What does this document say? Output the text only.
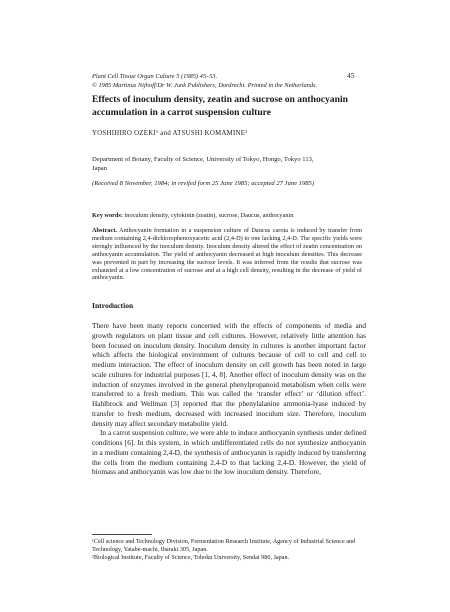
Plant Cell Tissue Organ Culture 5 (1985) 45–53.
© 1985 Martinus Nijhoff/Dr W. Junk Publishers, Dordrecht. Printed in the Netherlands.
45
Effects of inoculum density, zeatin and sucrose on anthocyanin accumulation in a carrot suspension culture
YOSHIHIRO OZEKI¹ and ATSUSHI KOMAMINE²
Department of Botany, Faculty of Science, University of Tokyo, Hongo, Tokyo 113,
Japan
(Received 8 November, 1984; in revifed form 25 June 1985; accepted 27 June 1985)
Key words: inoculum density, cytokinin (zeatin), sucrose, Daucus, anthocyanin
Abstract. Anthocyanin formation in a suspension culture of Daucus carota is induced by transfer from medium containing 2,4-dichlorophenoxyacetic acid (2,4-D) to one lacking 2,4-D. The specific yields were strongly influenced by the inoculum density. Inoculum density altered the effect of zeatin concentration on anthocyanin accumulation. The yield of anthocyanin decreased at high inoculum densities. This decrease was prevented in part by increasing the sucrose levels. It was inferred from the results that sucrose was exhausted at a low concentration of sucrose and at a high cell density, resulting in the decrease of yield of anthocyanin.
Introduction

There have been many reports concerned with the effects of components of media and growth regulators on plant tissue and cell cultures. However, relatively little attention has been focused on inoculum density. Inoculum density in cultures is another important factor which affects the biological environment of cultures because of cell to cell and cell to medium interaction. The effect of inoculum density on cell growth has been noted in large scale cultures for industrial purposes [1, 4, 8]. Another effect of inoculum density was on the induction of enzymes involved in the general phenylpropanoid metabolism when cells were transferred to a fresh medium. This was called the ‘transfer effect’ or ‘dilution effect’. Hahlbrock and Wellman [3] reported that the phenylalanine ammonia-lyase induced by transfer to fresh medium, decreased with increased inoculum size. Therefore, inoculum density may affect secondary metabolite yield.

In a carrot suspension culture, we were able to induce anthocyanin synthesis under defined conditions [6]. In this system, in which undifferentiated cells do not synthesize anthocyanin in a medium containing 2,4-D, the synthesis of anthocyanin is rapidly induced by transferring the cells from the medium containing 2,4-D to that lacking 2,4-D. However, the yield of biomass and anthocyanin was low due to the low inoculum density. Therefore,

¹Cell science and Technology Division, Fermentation Research Institute, Agency of Industrial Science and Technology, Yatabe-machi, Ibaraki 305, Japan.
²Biological Institute, Faculty of Science, Tohoku University, Sendai 980, Japan.
